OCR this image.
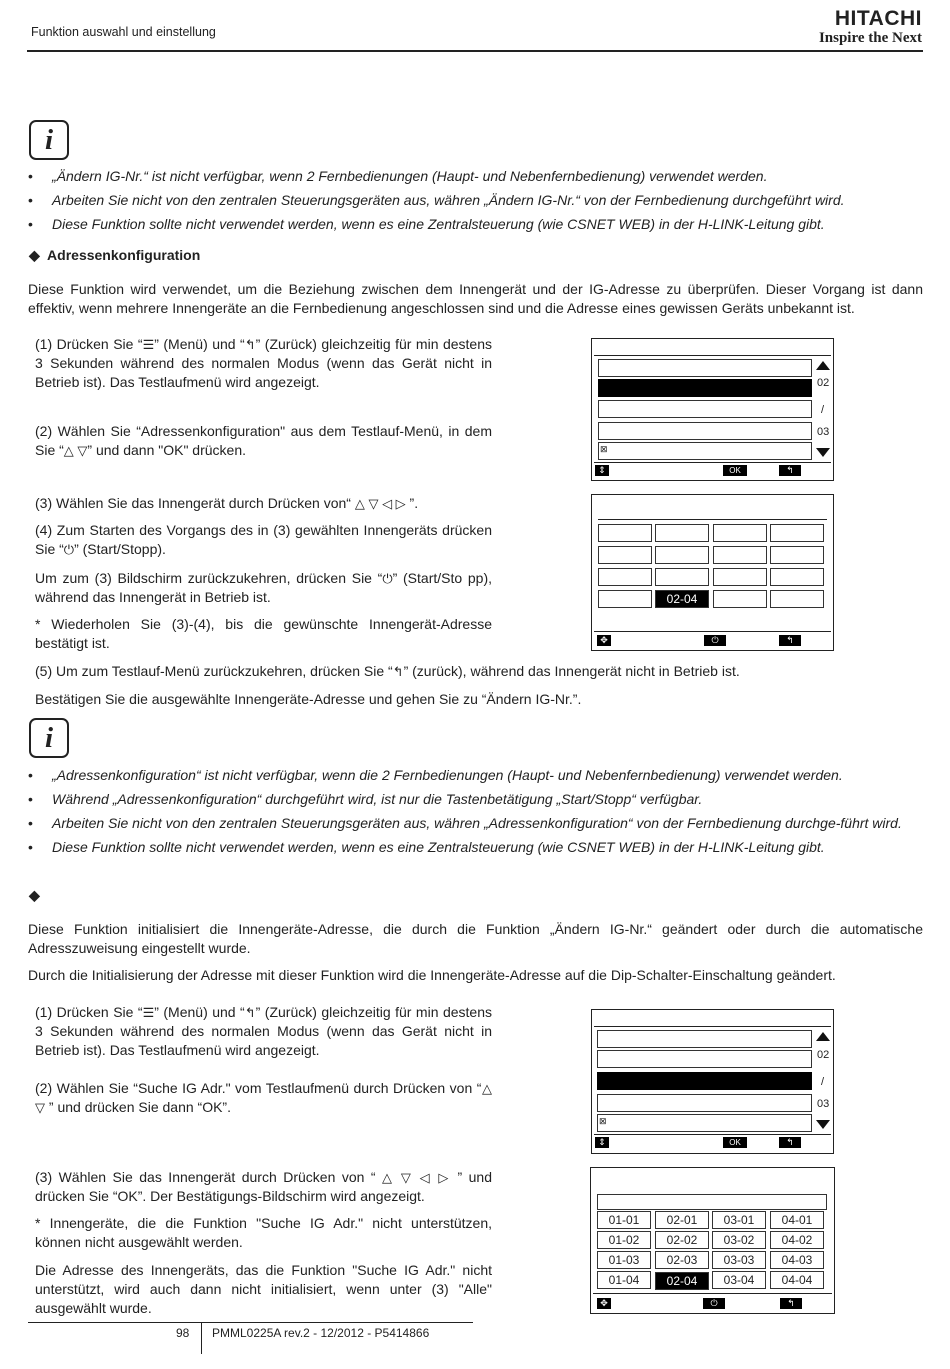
Funktion auswahl und einstellung
HITACHI
Inspire the Next
i
• „Ändern IG-Nr.“ ist nicht verfügbar, wenn 2 Fernbedienungen (Haupt- und Nebenfernbedienung) verwendet werden.
• Arbeiten Sie nicht von den zentralen Steuerungsgeräten aus, währen „Ändern IG-Nr.“ von der Fernbedienung durchgeführt wird.
• Diese Funktion sollte nicht verwendet werden, wenn es eine Zentralsteuerung (wie CSNET WEB) in der H-LINK-Leitung gibt.
◆ Adressenkonfiguration
Diese Funktion wird verwendet, um die Beziehung zwischen dem Innengerät und der IG-Adresse zu überprüfen. Dieser Vorgang ist dann effektiv, wenn mehrere Innengeräte an die Fernbedienung angeschlossen sind und die Adresse eines gewissen Geräts unbekannt ist.
(1) Drücken Sie “☰” (Menü) und “↰” (Zurück) gleichzeitig für min destens 3 Sekunden während des normalen Modus (wenn das Gerät nicht in Betrieb ist). Das Testlaufmenü wird angezeigt.
(2) Wählen Sie “Adressenkonfiguration" aus dem Testlauf-Menü, in dem Sie “△ ▽” und dann "OK" drücken.
(3) Wählen Sie das Innengerät durch Drücken von“ △ ▽ ◁ ▷ ”.
(4) Zum Starten des Vorgangs des in (3) gewählten Innengeräts drücken Sie “⏻” (Start/Stopp).
Um zum (3) Bildschirm zurückzukehren, drücken Sie “⏻” (Start/Sto pp), während das Innengerät in Betrieb ist.
* Wiederholen Sie (3)-(4), bis die gewünschte Innengerät-Adresse bestätigt ist.
(5) Um zum Testlauf-Menü zurückzukehren, drücken Sie “↰” (zurück), während das Innengerät nicht in Betrieb ist.
Bestätigen Sie die ausgewählte Innengeräte-Adresse und gehen Sie zu “Ändern IG-Nr.”.
⊠
02
/
03
⇕	OK	↰
02-04
✥	⏻	↰
i
• „Adressenkonfiguration“ ist nicht verfügbar, wenn die 2 Fernbedienungen (Haupt- und Nebenfernbedienung) verwendet werden.
• Während „Adressenkonfiguration“ durchgeführt wird, ist nur die Tastenbetätigung „Start/Stopp“ verfügbar.
• Arbeiten Sie nicht von den zentralen Steuerungsgeräten aus, währen „Adressenkonfiguration“ von der Fernbedienung durchge-führt wird.
• Diese Funktion sollte nicht verwendet werden, wenn es eine Zentralsteuerung (wie CSNET WEB) in der H-LINK-Leitung gibt.
◆
Diese Funktion initialisiert die Innengeräte-Adresse, die durch die Funktion „Ändern IG-Nr.“ geändert oder durch die automatische Adresszuweisung eingestellt wurde.
Durch die Initialisierung der Adresse mit dieser Funktion wird die Innengeräte-Adresse auf die Dip-Schalter-Einschaltung geändert.
(1) Drücken Sie “☰” (Menü) und “↰” (Zurück) gleichzeitig für min destens 3 Sekunden während des normalen Modus (wenn das Gerät nicht in Betrieb ist). Das Testlaufmenü wird angezeigt.
(2) Wählen Sie “Suche IG Adr." vom Testlaufmenü durch Drücken von “△ ▽ ” und drücken Sie dann “OK”.
(3) Wählen Sie das Innengerät durch Drücken von “ △ ▽ ◁ ▷ ” und drücken Sie “OK”. Der Bestätigungs-Bildschirm wird angezeigt.
* Innengeräte, die die Funktion "Suche IG Adr." nicht unterstützen, können nicht ausgewählt werden.
Die Adresse des Innengeräts, das die Funktion "Suche IG Adr." nicht unterstützt, wird auch dann nicht initialisiert, wenn unter (3) "Alle" ausgewählt wurde.
⊠
02
/
03
⇕	OK	↰
01-01	02-01	03-01	04-01
01-02	02-02	03-02	04-02
01-03	02-03	03-03	04-03
01-04	02-04	03-04	04-04
✥	⏻	↰
98 PMML0225A rev.2 - 12/2012 - P5414866
